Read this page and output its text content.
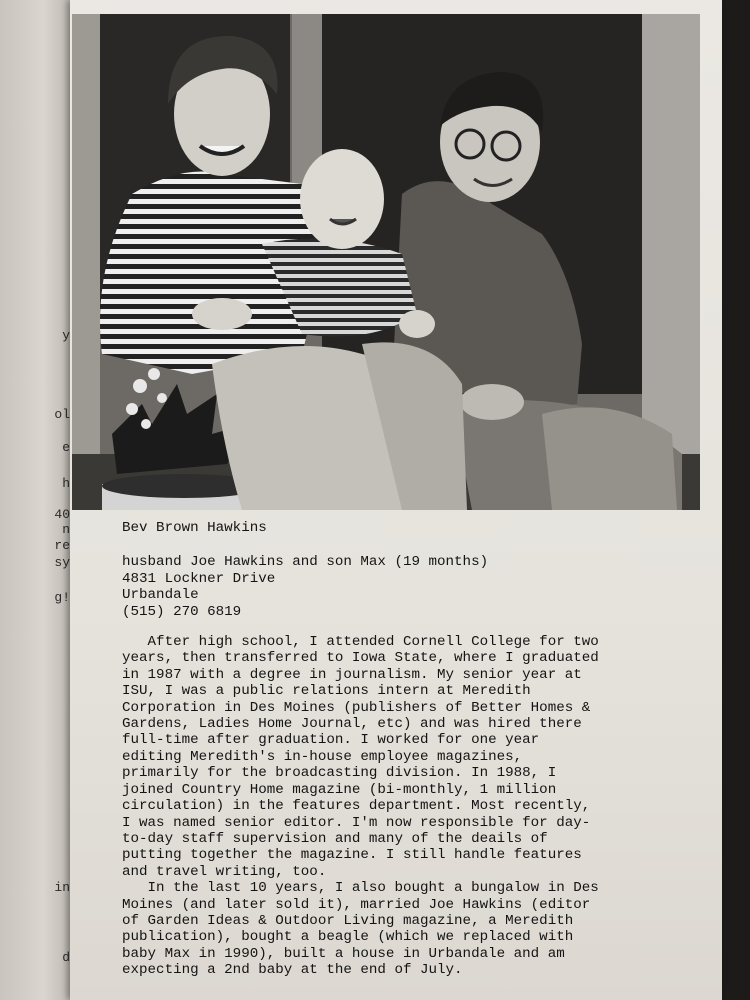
y
ol
e
h
40
n
re
sy
g!
in
d
Bev Brown Hawkins
husband Joe Hawkins and son Max (19 months)
4831 Lockner Drive
Urbandale
(515) 270 6819
After high school, I attended Cornell College for two
years, then transferred to Iowa State, where I graduated
in 1987 with a degree in journalism. My senior year at
ISU, I was a public relations intern at Meredith
Corporation in Des Moines (publishers of Better Homes &
Gardens, Ladies Home Journal, etc) and was hired there
full-time after graduation. I worked for one year
editing Meredith's in-house employee magazines,
primarily for the broadcasting division. In 1988, I
joined Country Home magazine (bi-monthly, 1 million
circulation) in the features department. Most recently,
I was named senior editor. I'm now responsible for day-
to-day staff supervision and many of the deails of
putting together the magazine. I still handle features
and travel writing, too.
In the last 10 years, I also bought a bungalow in Des
Moines (and later sold it), married Joe Hawkins (editor
of Garden Ideas & Outdoor Living magazine, a Meredith
publication), bought a beagle (which we replaced with
baby Max in 1990), built a house in Urbandale and am
expecting a 2nd baby at the end of July.
